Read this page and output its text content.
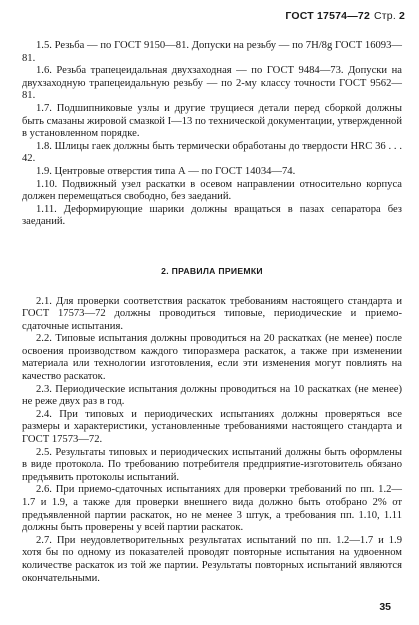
ГОСТ 17574—72 Стр. 2

1.5. Резьба — по ГОСТ 9150—81. Допуски на резьбу — по 7H/8g ГОСТ 16093—81.

1.6. Резьба трапецеидальная двухзаходная — по ГОСТ 9484—73. Допуски на двухзаходную трапецеидальную резьбу — по 2-му классу точности ГОСТ 9562—81.

1.7. Подшипниковые узлы и другие трущиеся детали перед сборкой должны быть смазаны жировой смазкой I—13 по технической документации, утвержденной в установленном порядке.

1.8. Шлицы гаек должны быть термически обработаны до твердости HRC 36 . . . 42.

1.9. Центровые отверстия типа А — по ГОСТ 14034—74.

1.10. Подвижный узел раскатки в осевом направлении относительно корпуса должен перемещаться свободно, без заеданий.

1.11. Деформирующие шарики должны вращаться в пазах сепаратора без заеданий.

2. ПРАВИЛА ПРИЕМКИ

2.1. Для проверки соответствия раскаток требованиям настоящего стандарта и ГОСТ 17573—72 должны проводиться типовые, периодические и приемо-сдаточные испытания.

2.2. Типовые испытания должны проводиться на 20 раскатках (не менее) после освоения производством каждого типоразмера раскаток, а также при изменении материала или технологии изготовления, если эти изменения могут повлиять на качество раскаток.

2.3. Периодические испытания должны проводиться на 10 раскатках (не менее) не реже двух раз в год.

2.4. При типовых и периодических испытаниях должны проверяться все размеры и характеристики, установленные требованиями настоящего стандарта и ГОСТ 17573—72.

2.5. Результаты типовых и периодических испытаний должны быть оформлены в виде протокола. По требованию потребителя предприятие-изготовитель обязано предъявить протоколы испытаний.

2.6. При приемо-сдаточных испытаниях для проверки требований по пп. 1.2—1.7 и 1.9, а также для проверки внешнего вида должно быть отобрано 2% от предъявленной партии раскаток, но не менее 3 штук, а требования пп. 1.10, 1.11 должны быть проверены у всей партии раскаток.

2.7. При неудовлетворительных результатах испытаний по пп. 1.2—1.7 и 1.9 хотя бы по одному из показателей проводят повторные испытания на удвоенном количестве раскаток из той же партии. Результаты повторных испытаний являются окончательными.

35
